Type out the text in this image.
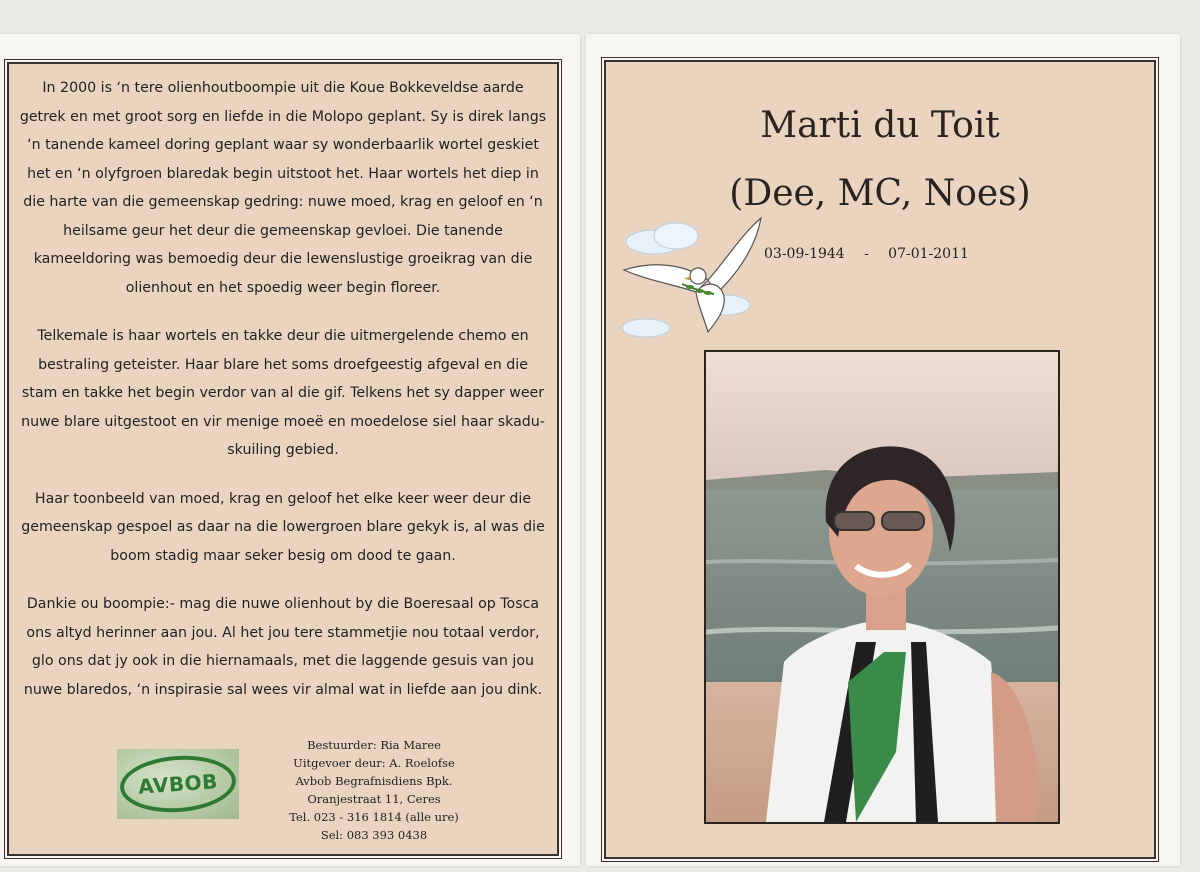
In 2000 is ‘n tere olienhoutboompie uit die Koue Bokkeveldse aarde getrek en met groot sorg en liefde in die Molopo geplant. Sy is direk langs ‘n tanende kameel doring geplant waar sy wonderbaarlik wortel geskiet het en ‘n olyfgroen blaredak begin uitstoot het. Haar wortels het diep in die harte van die gemeenskap gedring: nuwe moed, krag en geloof en ‘n heilsame geur het deur die gemeenskap gevloei. Die tanende kameeldoring was bemoedig deur die lewenslustige groeikrag van die olienhout en het spoedig weer begin floreer.

Telkemale is haar wortels en takke deur die uitmergelende chemo en bestraling geteister. Haar blare het soms droefgeestig afgeval en die stam en takke het begin verdor van al die gif. Telkens het sy dapper weer nuwe blare uitgestoot en vir menige moeë en moedelose siel haar skadu-skuiling gebied.

Haar toonbeeld van moed, krag en geloof het elke keer weer deur die gemeenskap gespoel as daar na die lowergroen blare gekyk is, al was die boom stadig maar seker besig om dood te gaan.

Dankie ou boompie:- mag die nuwe olienhout by die Boeresaal op Tosca ons altyd herinner aan jou. Al het jou tere stammetjie nou totaal verdor, glo ons dat jy ook in die hiernamaals, met die laggende gesuis van jou nuwe blaredos, ‘n inspirasie sal wees vir almal wat in liefde aan jou dink.

AVBOB
Bestuurder: Ria Maree
Uitgevoer deur: A. Roelofse
Avbob Begrafnisdiens Bpk.
Oranjestraat 11, Ceres
Tel. 023 - 316 1814 (alle ure)
Sel: 083 393 0438
Marti du Toit
(Dee, MC, Noes)
03-09-1944 - 07-01-2011
